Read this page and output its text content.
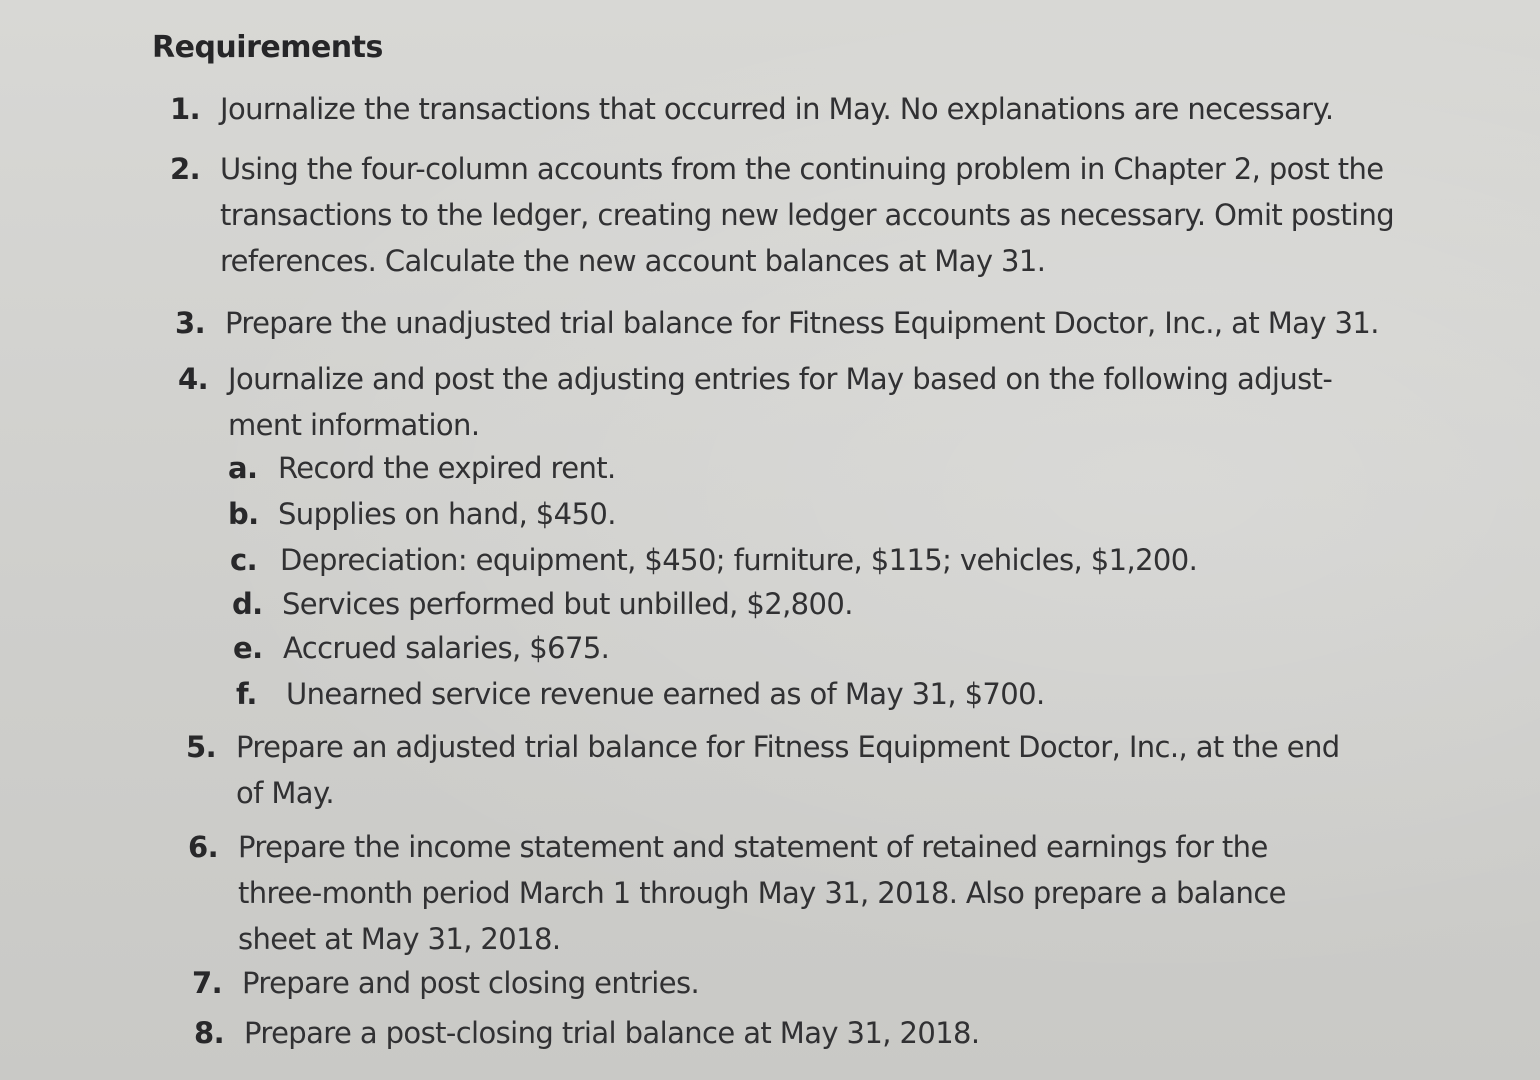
Requirements
1. Journalize the transactions that occurred in May. No explanations are necessary.
2. Using the four-column accounts from the continuing problem in Chapter 2, post the transactions to the ledger, creating new ledger accounts as necessary. Omit posting references. Calculate the new account balances at May 31.
3. Prepare the unadjusted trial balance for Fitness Equipment Doctor, Inc., at May 31.
4. Journalize and post the adjusting entries for May based on the following adjust-ment information.
a. Record the expired rent.
b. Supplies on hand, $450.
c. Depreciation: equipment, $450; furniture, $115; vehicles, $1,200.
d. Services performed but unbilled, $2,800.
e. Accrued salaries, $675.
f. Unearned service revenue earned as of May 31, $700.
5. Prepare an adjusted trial balance for Fitness Equipment Doctor, Inc., at the end of May.
6. Prepare the income statement and statement of retained earnings for the three-month period March 1 through May 31, 2018. Also prepare a balance sheet at May 31, 2018.
7. Prepare and post closing entries.
8. Prepare a post-closing trial balance at May 31, 2018.
